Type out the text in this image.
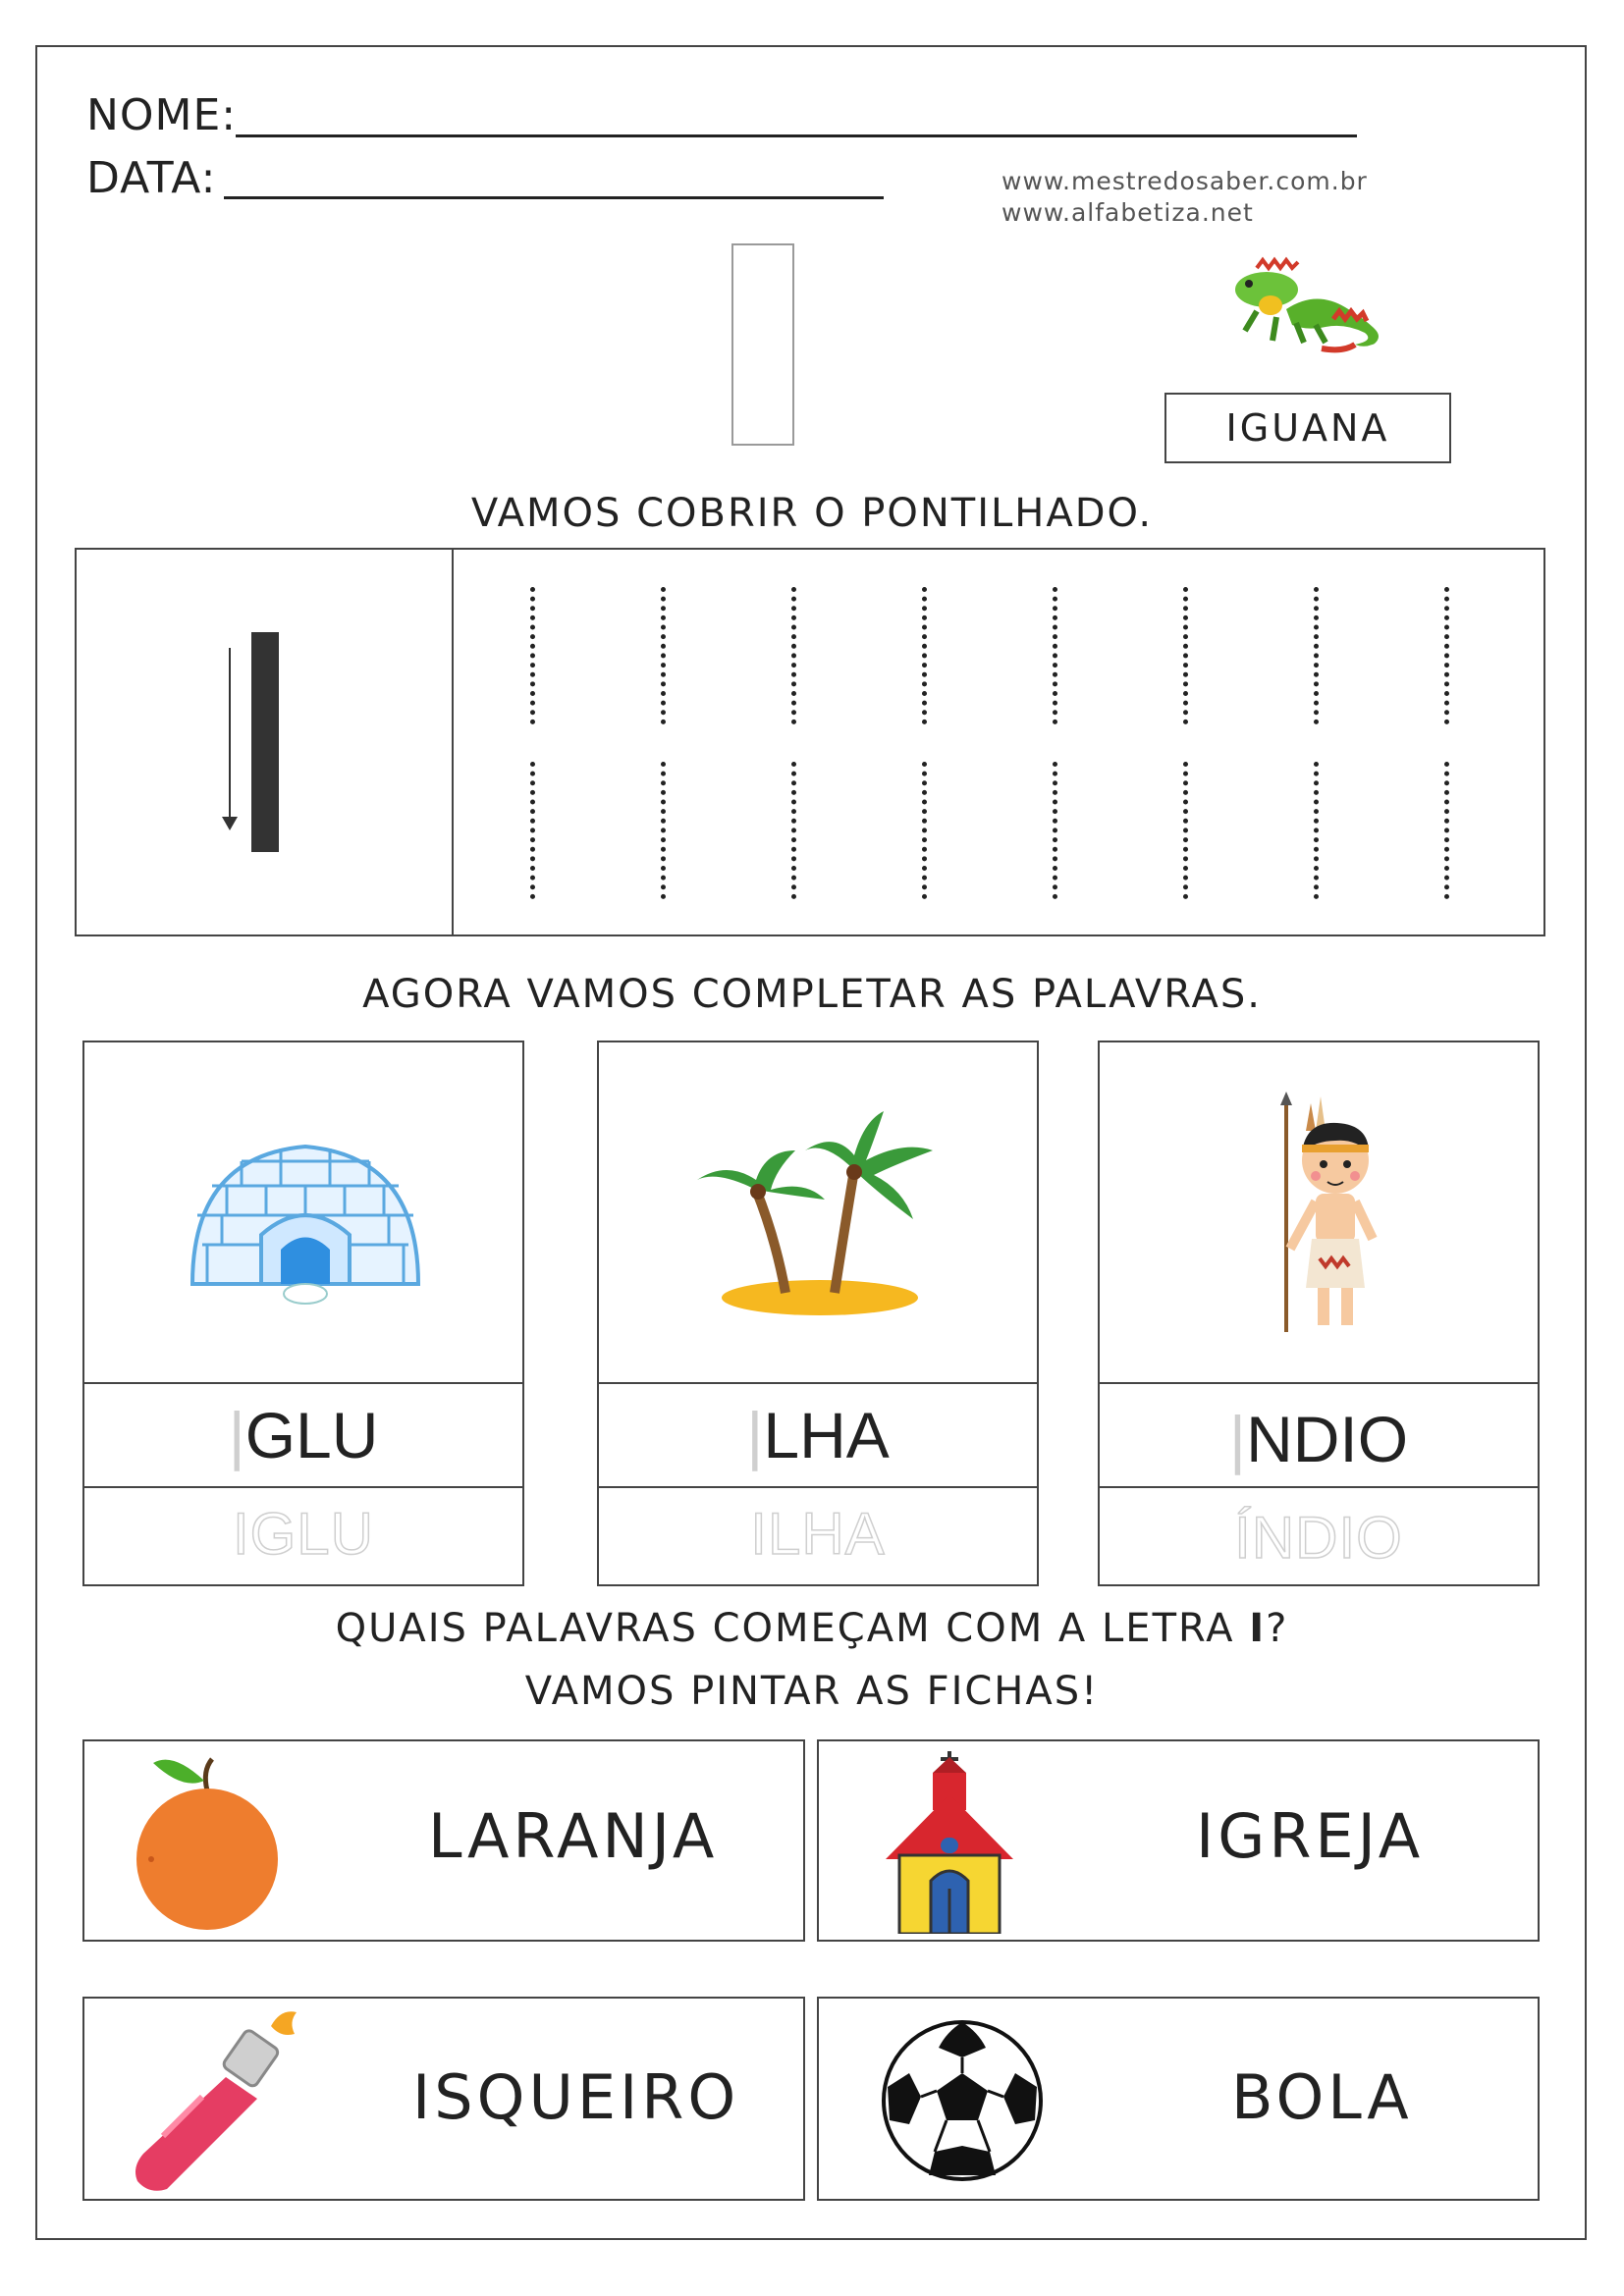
NOME:
DATA:	www.mestredosaber.com.br
www.alfabetiza.net
IGUANA
VAMOS COBRIR O PONTILHADO.
AGORA VAMOS COMPLETAR AS PALAVRAS.
|GLU
IGLU
|LHA
ILHA
|NDIO
ÍNDIO
QUAIS PALAVRAS COMEÇAM COM A LETRA I?
VAMOS PINTAR AS FICHAS!
LARANJA	IGREJA
ISQUEIRO	BOLA
